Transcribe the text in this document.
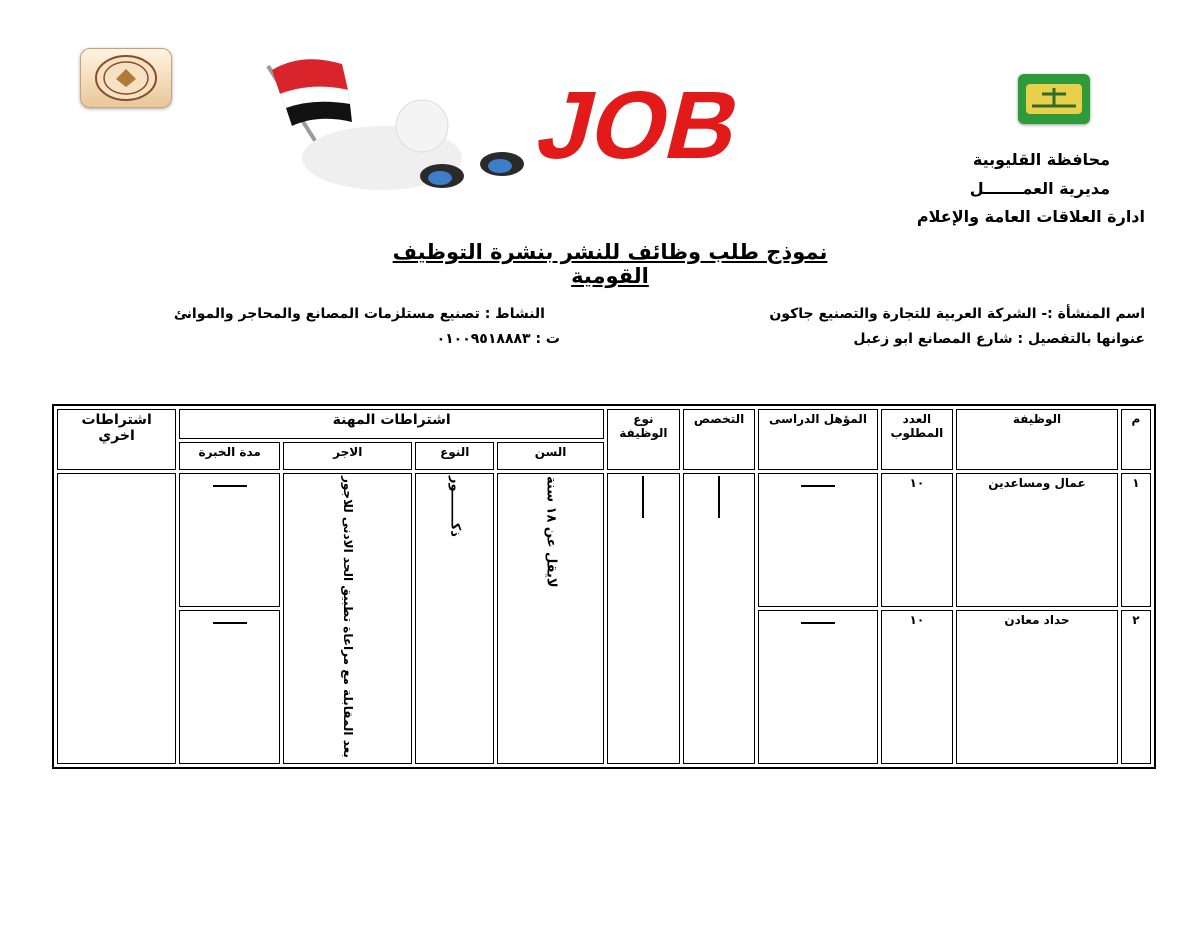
JOB	محافظة القليوبية
مديرية العمـــــــل
ادارة العلاقات العامة والإعلام
نموذج طلب وظائف للنشر بنشرة التوظيف القومية
اسم المنشأة :- الشركة العربية للتجارة والتصنيع جاكون
عنوانها بالتفصيل : شارع المصانع ابو زعبل
النشاط : تصنيع مستلزمات المصانع والمحاجر والموانئ
ت : ٠١٠٠٩٥١٨٨٨٣
م	الوظيفة	العدد المطلوب	المؤهل الدراسى	التخصص	نوع الوظيفة	اشتراطات المهنة				اشتراطات اخري
						السن	النوع	الاجر	مدة الخبرة	
١	عمال ومساعدين	١٠				لايقل عن ١٨ سنة	ذكـــــــور	بعد المقابلة مع مراعاة تطبيق الحد الادنى للاجور		
٢	حداد معادن	١٠								
